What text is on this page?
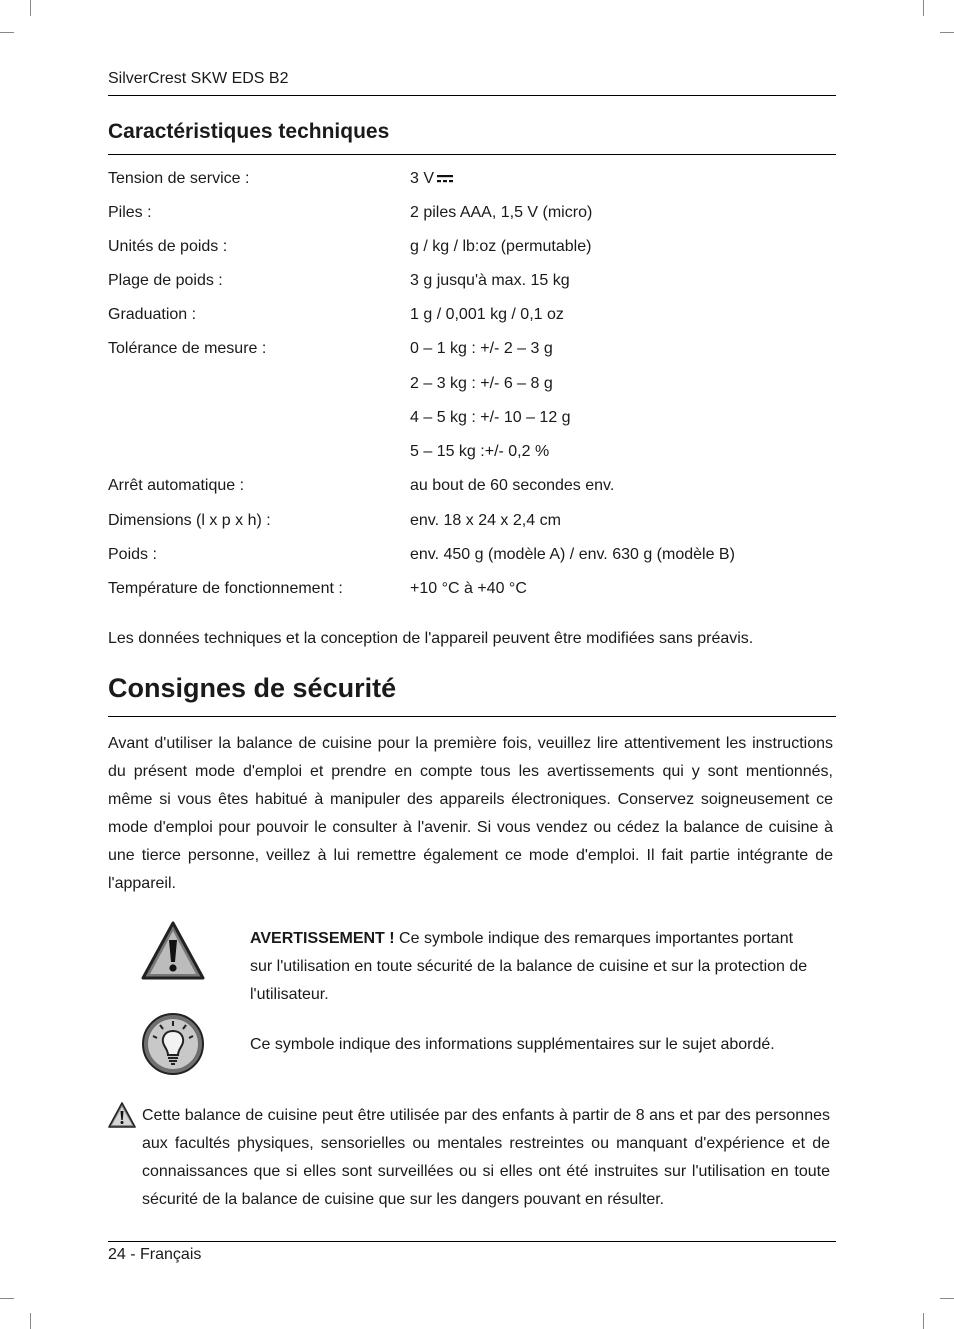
SilverCrest SKW EDS B2
Caractéristiques techniques
Tension de service :	3 V
Piles :	2 piles AAA, 1,5 V (micro)
Unités de poids :	g / kg / lb:oz (permutable)
Plage de poids :	3 g jusqu'à max. 15 kg
Graduation :	1 g / 0,001 kg / 0,1 oz
Tolérance de mesure :	0 – 1 kg : +/- 2 – 3 g
2 – 3 kg : +/- 6 – 8 g
4 – 5 kg : +/- 10 – 12 g
5 – 15 kg :+/- 0,2 %
Arrêt automatique :	au bout de 60 secondes env.
Dimensions (l x p x h) :	env. 18 x 24 x 2,4 cm
Poids :	env. 450 g (modèle A) / env. 630 g (modèle B)
Température de fonctionnement :	+10 °C à +40 °C
Les données techniques et la conception de l'appareil peuvent être modifiées sans préavis.
Consignes de sécurité
Avant d'utiliser la balance de cuisine pour la première fois, veuillez lire attentivement les instructions du présent mode d'emploi et prendre en compte tous les avertissements qui y sont mentionnés, même si vous êtes habitué à manipuler des appareils électroniques. Conservez soigneusement ce mode d'emploi pour pouvoir le consulter à l'avenir. Si vous vendez ou cédez la balance de cuisine à une tierce personne, veillez à lui remettre également ce mode d'emploi. Il fait partie intégrante de l'appareil.
AVERTISSEMENT ! Ce symbole indique des remarques importantes portant
sur l'utilisation en toute sécurité de la balance de cuisine et sur la protection de
l'utilisateur.
Ce symbole indique des informations supplémentaires sur le sujet abordé.
Cette balance de cuisine peut être utilisée par des enfants à partir de 8 ans et par des personnes aux facultés physiques, sensorielles ou mentales restreintes ou manquant d'expérience et de connaissances que si elles sont surveillées ou si elles ont été instruites sur l'utilisation en toute sécurité de la balance de cuisine que sur les dangers pouvant en résulter.
24 - Français
